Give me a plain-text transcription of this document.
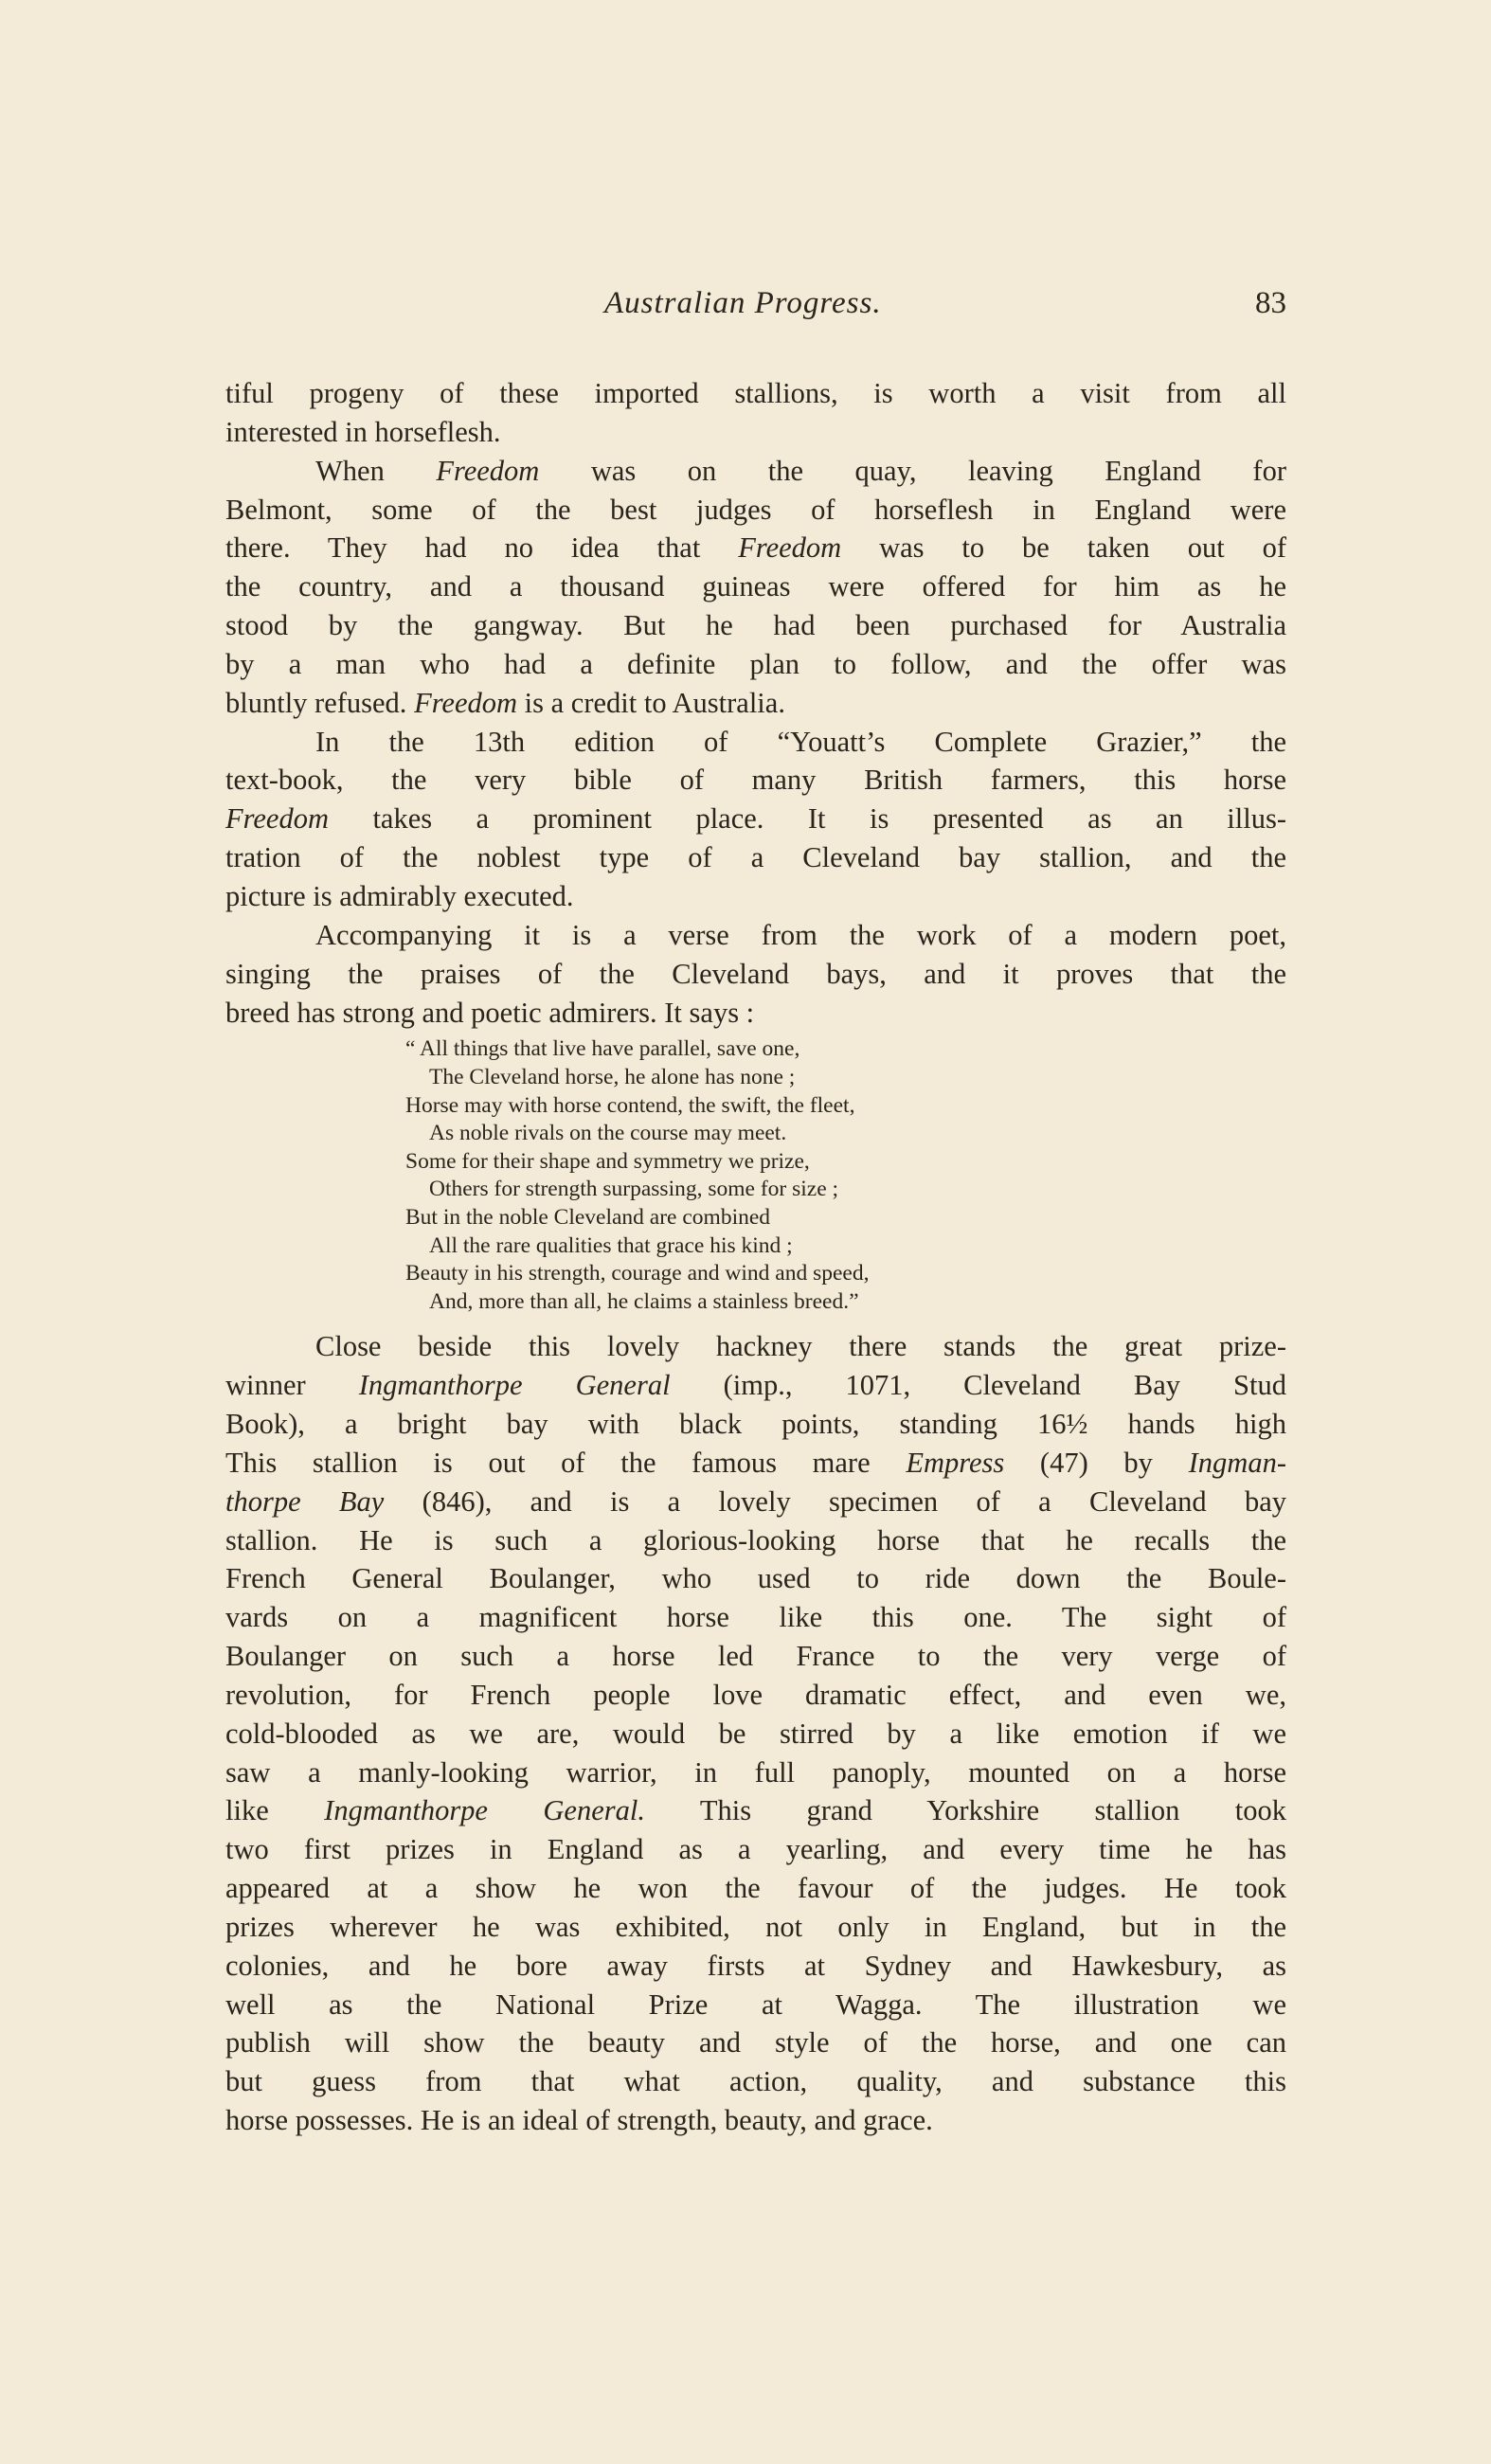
Australian Progress.	83
tiful progeny of these imported stallions, is worth a visit from all
interested in horseflesh.
When Freedom was on the quay, leaving England for
Belmont, some of the best judges of horseflesh in England were
there. They had no idea that Freedom was to be taken out of
the country, and a thousand guineas were offered for him as he
stood by the gangway. But he had been purchased for Australia
by a man who had a definite plan to follow, and the offer was
bluntly refused. Freedom is a credit to Australia.
In the 13th edition of “Youatt’s Complete Grazier,” the
text-book, the very bible of many British farmers, this horse
Freedom takes a prominent place. It is presented as an illus-
tration of the noblest type of a Cleveland bay stallion, and the
picture is admirably executed.
Accompanying it is a verse from the work of a modern poet,
singing the praises of the Cleveland bays, and it proves that the
breed has strong and poetic admirers. It says :
“ All things that live have parallel, save one,
The Cleveland horse, he alone has none ;
Horse may with horse contend, the swift, the fleet,
As noble rivals on the course may meet.
Some for their shape and symmetry we prize,
Others for strength surpassing, some for size ;
But in the noble Cleveland are combined
All the rare qualities that grace his kind ;
Beauty in his strength, courage and wind and speed,
And, more than all, he claims a stainless breed.”
Close beside this lovely hackney there stands the great prize-
winner Ingmanthorpe General (imp., 1071, Cleveland Bay Stud
Book), a bright bay with black points, standing 16½ hands high
This stallion is out of the famous mare Empress (47) by Ingman-
thorpe Bay (846), and is a lovely specimen of a Cleveland bay
stallion. He is such a glorious-looking horse that he recalls the
French General Boulanger, who used to ride down the Boule-
vards on a magnificent horse like this one. The sight of
Boulanger on such a horse led France to the very verge of
revolution, for French people love dramatic effect, and even we,
cold-blooded as we are, would be stirred by a like emotion if we
saw a manly-looking warrior, in full panoply, mounted on a horse
like Ingmanthorpe General. This grand Yorkshire stallion took
two first prizes in England as a yearling, and every time he has
appeared at a show he won the favour of the judges. He took
prizes wherever he was exhibited, not only in England, but in the
colonies, and he bore away firsts at Sydney and Hawkesbury, as
well as the National Prize at Wagga. The illustration we
publish will show the beauty and style of the horse, and one can
but guess from that what action, quality, and substance this
horse possesses. He is an ideal of strength, beauty, and grace.
